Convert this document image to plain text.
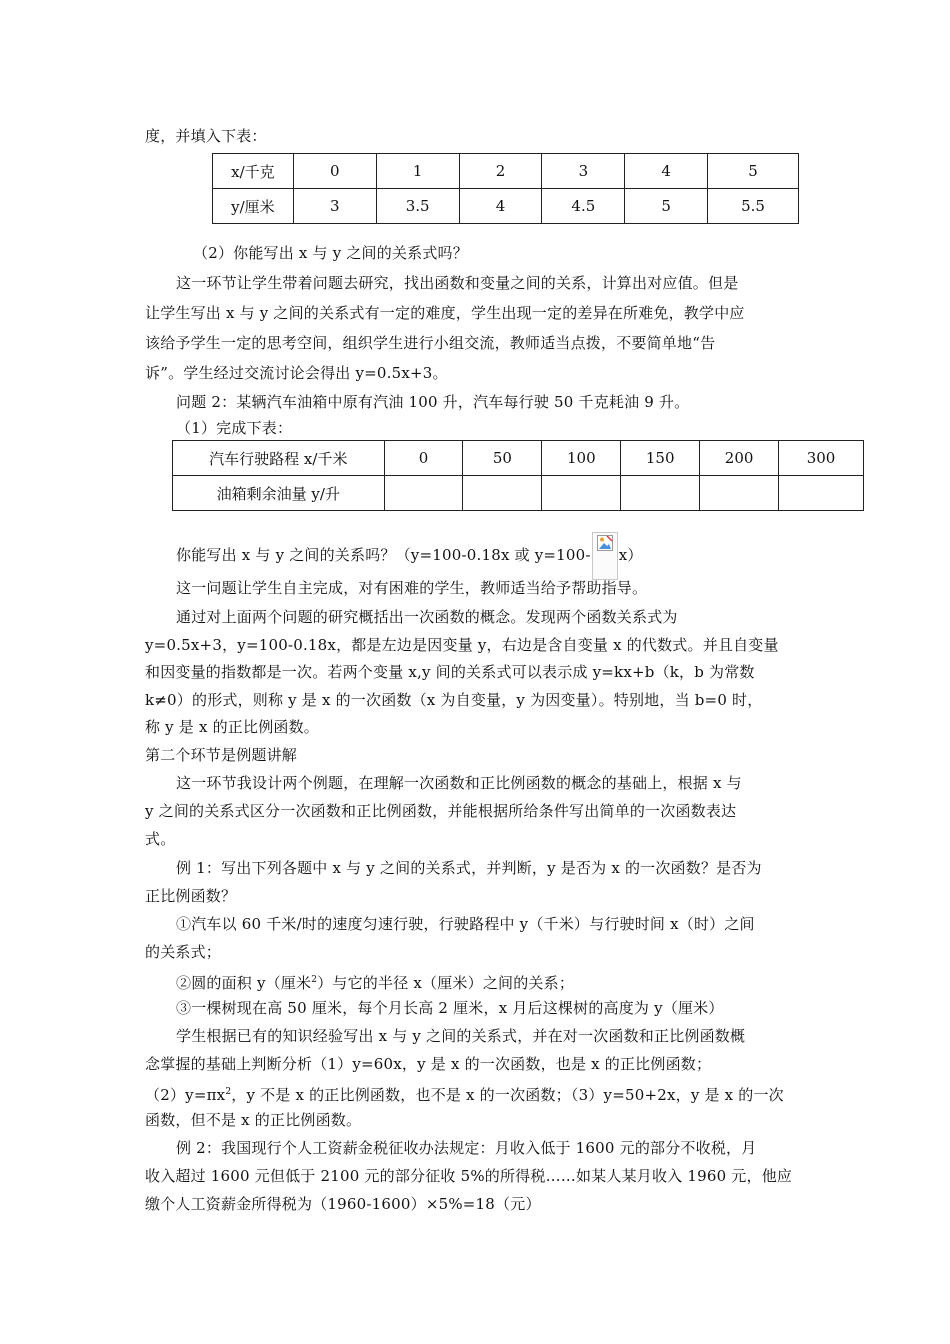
度，并填入下表：
x/千克	0	1	2	3	4	5
y/厘米	3	3.5	4	4.5	5	5.5
（2）你能写出 x 与 y 之间的关系式吗？
这一环节让学生带着问题去研究，找出函数和变量之间的关系，计算出对应值。但是
让学生写出 x 与 y 之间的关系式有一定的难度，学生出现一定的差异在所难免，教学中应
该给予学生一定的思考空间，组织学生进行小组交流，教师适当点拨，不要简单地“告
诉”。学生经过交流讨论会得出 y=0.5x+3。
问题 2：某辆汽车油箱中原有汽油 100 升，汽车每行驶 50 千克耗油 9 升。
（1）完成下表：
汽车行驶路程 x/千米	0	50	100	150	200	300
油箱剩余油量 y/升						
你能写出 x 与 y 之间的关系吗？（y=100-0.18x 或 y=100- x）
这一问题让学生自主完成，对有困难的学生，教师适当给予帮助指导。
通过对上面两个问题的研究概括出一次函数的概念。发现两个函数关系式为
y=0.5x+3，y=100-0.18x，都是左边是因变量 y，右边是含自变量 x 的代数式。并且自变量
和因变量的指数都是一次。若两个变量 x,y 间的关系式可以表示成 y=kx+b（k，b 为常数
k≠0）的形式，则称 y 是 x 的一次函数（x 为自变量，y 为因变量）。特别地，当 b=0 时，
称 y 是 x 的正比例函数。
第二个环节是例题讲解
这一环节我设计两个例题，在理解一次函数和正比例函数的概念的基础上，根据 x 与
y 之间的关系式区分一次函数和正比例函数，并能根据所给条件写出简单的一次函数表达
式。
例 1：写出下列各题中 x 与 y 之间的关系式，并判断，y 是否为 x 的一次函数？是否为
正比例函数？
①汽车以 60 千米/时的速度匀速行驶，行驶路程中 y（千米）与行驶时间 x（时）之间
的关系式；
②圆的面积 y（厘米$^2$）与它的半径 x（厘米）之间的关系；
③一棵树现在高 50 厘米，每个月长高 2 厘米，x 月后这棵树的高度为 y（厘米）
学生根据已有的知识经验写出 x 与 y 之间的关系式，并在对一次函数和正比例函数概
念掌握的基础上判断分析（1）y=60x，y 是 x 的一次函数，也是 x 的正比例函数；
$(2)y=\pi x^2$，y 不是 x 的正比例函数，也不是 x 的一次函数；（3）y=50+2x，y 是 x 的一次
函数，但不是 x 的正比例函数。
例 2：我国现行个人工资薪金税征收办法规定：月收入低于 1600 元的部分不收税，月
收入超过 1600 元但低于 2100 元的部分征收 5%的所得税……如某人某月收入 1960 元，他应
缴个人工资薪金所得税为（1960-1600）×5%=18（元）
